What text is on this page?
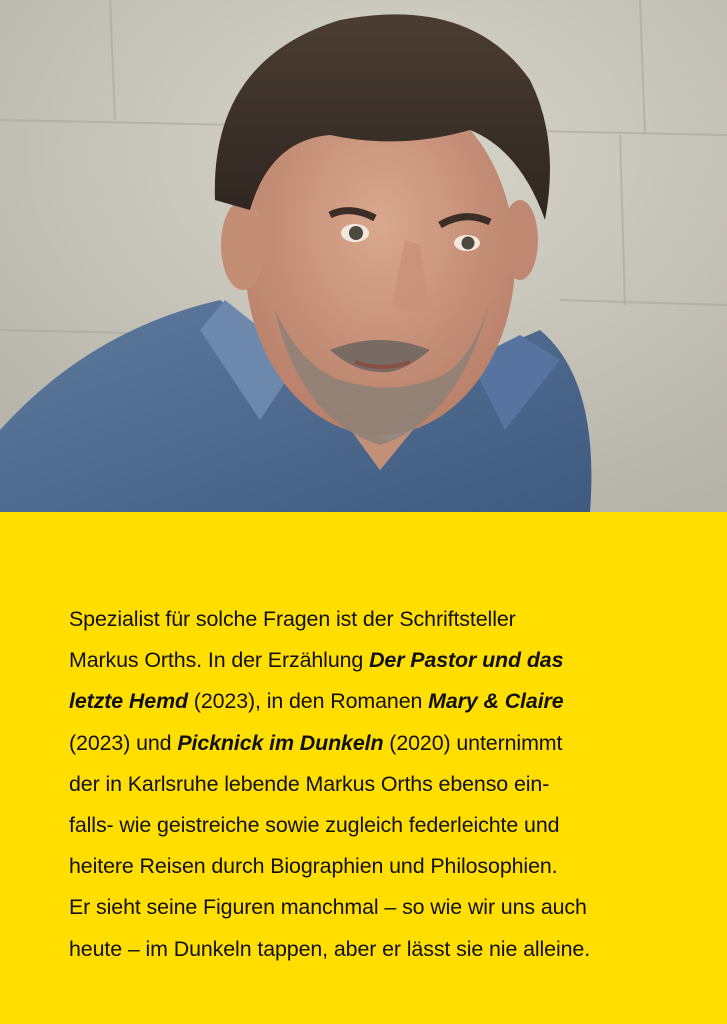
Spezialist für solche Fragen ist der Schriftsteller
Markus Orths. In der Erzählung Der Pastor und das
letzte Hemd (2023), in den Romanen Mary & Claire
(2023) und Picknick im Dunkeln (2020) unternimmt
der in Karlsruhe lebende Markus Orths ebenso ein-
falls- wie geistreiche sowie zugleich federleichte und
heitere Reisen durch Biographien und Philosophien.
Er sieht seine Figuren manchmal – so wie wir uns auch
heute – im Dunkeln tappen, aber er lässt sie nie alleine.
